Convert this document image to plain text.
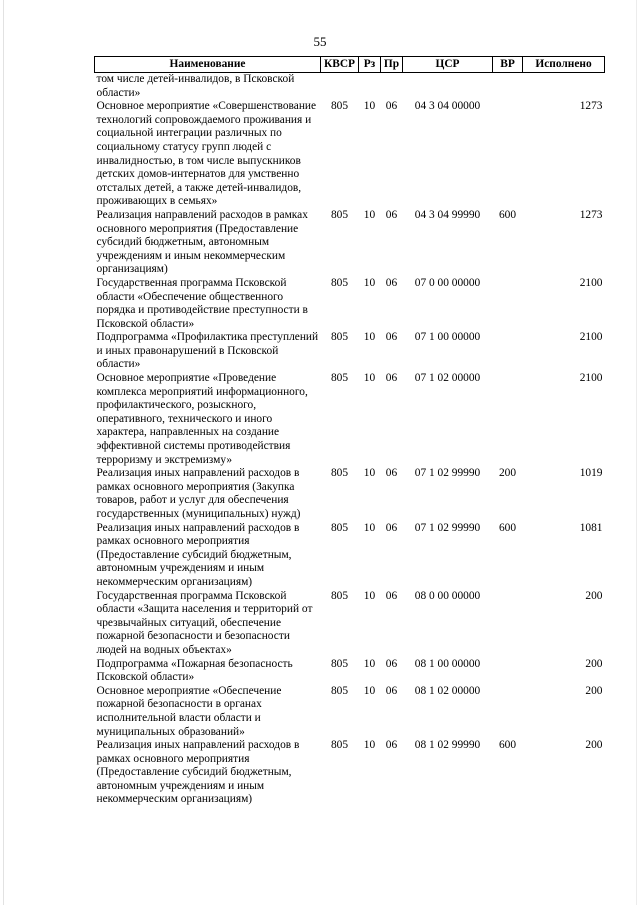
55
Наименование	КВСР	Рз	Пр	ЦСР	ВР	Исполнено
том числе детей-инвалидов, в Псковской области»						
Основное мероприятие «Совершенствование технологий сопровождаемого проживания и социальной интеграции различных по социальному статусу групп людей с инвалидностью, в том числе выпускников детских домов-интернатов для умственно отсталых детей, а также детей-инвалидов, проживающих в семьях»	805	10	06	04 3 04 00000		1273
Реализация направлений расходов в рамках основного мероприятия (Предоставление субсидий бюджетным, автономным учреждениям и иным некоммерческим организациям)	805	10	06	04 3 04 99990	600	1273
Государственная программа Псковской области «Обеспечение общественного порядка и противодействие преступности в Псковской области»	805	10	06	07 0 00 00000		2100
Подпрограмма «Профилактика преступлений и иных правонарушений в Псковской области»	805	10	06	07 1 00 00000		2100
Основное мероприятие «Проведение комплекса мероприятий информационного, профилактического, розыскного, оперативного, технического и иного характера, направленных на создание эффективной системы противодействия терроризму и экстремизму»	805	10	06	07 1 02 00000		2100
Реализация иных направлений расходов в рамках основного мероприятия (Закупка товаров, работ и услуг для обеспечения государственных (муниципальных) нужд)	805	10	06	07 1 02 99990	200	1019
Реализация иных направлений расходов в рамках основного мероприятия (Предоставление субсидий бюджетным, автономным учреждениям и иным некоммерческим организациям)	805	10	06	07 1 02 99990	600	1081
Государственная программа Псковской области «Защита населения и территорий от чрезвычайных ситуаций, обеспечение пожарной безопасности и безопасности людей на водных объектах»	805	10	06	08 0 00 00000		200
Подпрограмма «Пожарная безопасность Псковской области»	805	10	06	08 1 00 00000		200
Основное мероприятие «Обеспечение пожарной безопасности в органах исполнительной власти области и муниципальных образований»	805	10	06	08 1 02 00000		200
Реализация иных направлений расходов в рамках основного мероприятия (Предоставление субсидий бюджетным, автономным учреждениям и иным некоммерческим организациям)	805	10	06	08 1 02 99990	600	200
